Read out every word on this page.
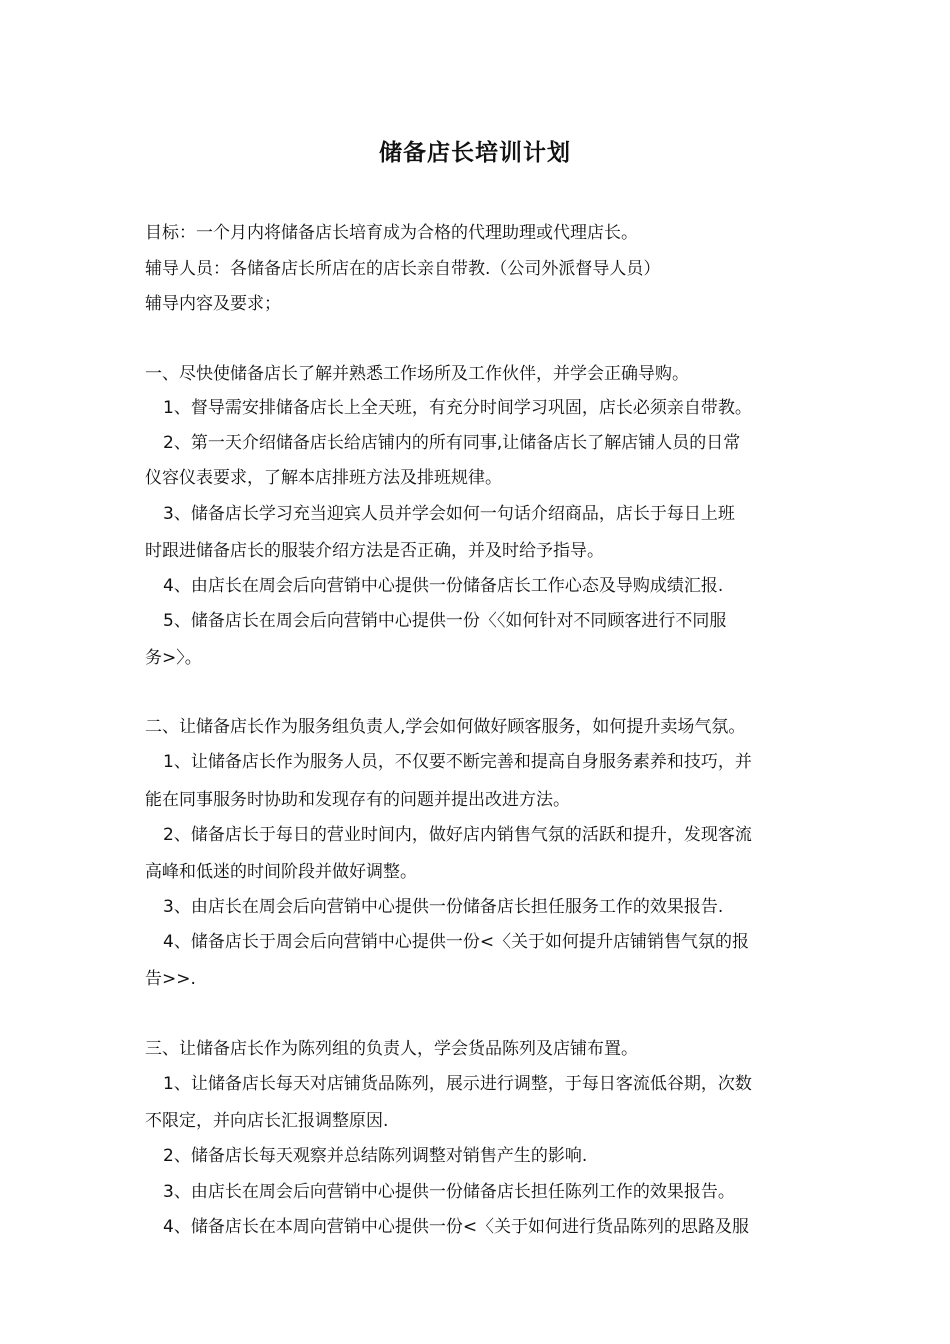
储备店长培训计划
目标：一个月内将储备店长培育成为合格的代理助理或代理店长。
辅导人员：各储备店长所店在的店长亲自带教.（公司外派督导人员）
辅导内容及要求；
一、尽快使储备店长了解并熟悉工作场所及工作伙伴，并学会正确导购。
1、督导需安排储备店长上全天班，有充分时间学习巩固，店长必须亲自带教。
2、第一天介绍储备店长给店铺内的所有同事,让储备店长了解店铺人员的日常
仪容仪表要求，了解本店排班方法及排班规律。
3、储备店长学习充当迎宾人员并学会如何一句话介绍商品，店长于每日上班
时跟进储备店长的服装介绍方法是否正确，并及时给予指导。
4、由店长在周会后向营销中心提供一份储备店长工作心态及导购成绩汇报.
5、储备店长在周会后向营销中心提供一份〈〈如何针对不同顾客进行不同服
务>〉。
二、让储备店长作为服务组负责人,学会如何做好顾客服务，如何提升卖场气氛。
1、让储备店长作为服务人员，不仅要不断完善和提高自身服务素养和技巧，并
能在同事服务时协助和发现存有的问题并提出改进方法。
2、储备店长于每日的营业时间内，做好店内销售气氛的活跃和提升，发现客流
高峰和低迷的时间阶段并做好调整。
3、由店长在周会后向营销中心提供一份储备店长担任服务工作的效果报告.
4、储备店长于周会后向营销中心提供一份<〈关于如何提升店铺销售气氛的报
告>>.
三、让储备店长作为陈列组的负责人，学会货品陈列及店铺布置。
1、让储备店长每天对店铺货品陈列，展示进行调整，于每日客流低谷期，次数
不限定，并向店长汇报调整原因.
2、储备店长每天观察并总结陈列调整对销售产生的影响.
3、由店长在周会后向营销中心提供一份储备店长担任陈列工作的效果报告。
4、储备店长在本周向营销中心提供一份<〈关于如何进行货品陈列的思路及服
